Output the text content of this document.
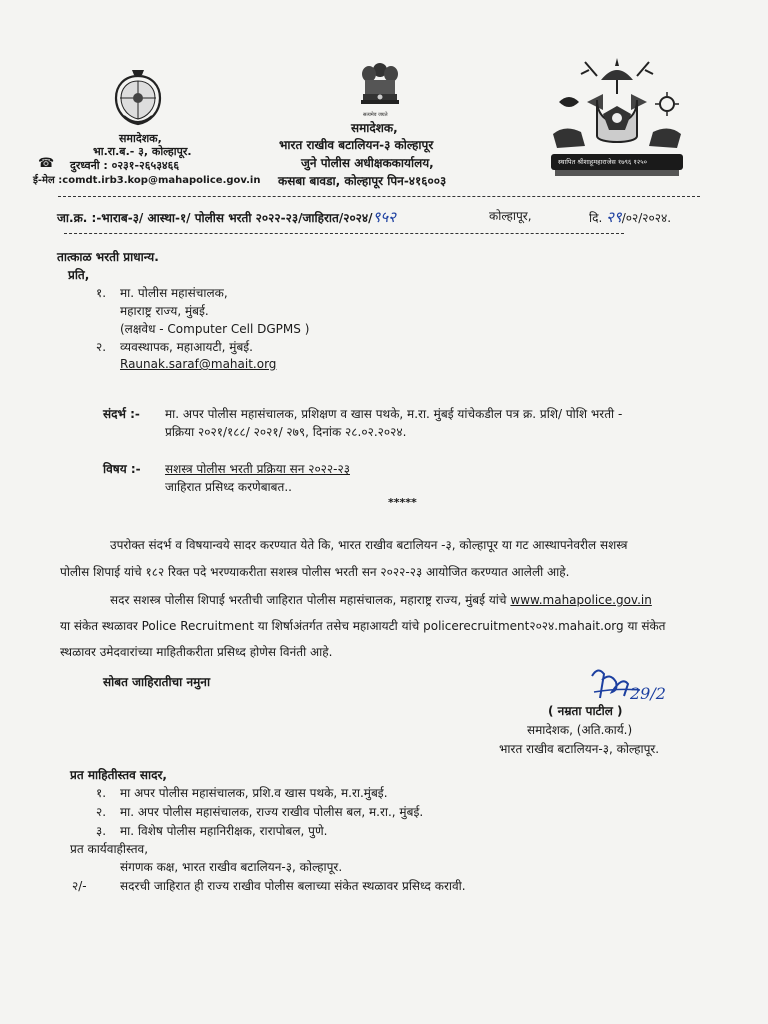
समादेशक,
भा.रा.ब.- ३, कोल्हापूर.
☎ दुरध्वनी : ०२३१-२६५३४६६
ई-मेल :comdt.irb3.kop@mahapolice.gov.in
सत्यमेव जयते
समादेशक,
भारत राखीव बटालियन-३ कोल्हापूर
जुने पोलीस अधीक्षककार्यालय,
कसबा बावडा, कोल्हापूर पिन-४१६००३
स्थापित श्रीशाहूमहाराजेस १७९६ १२५०
जा.क्र. :-भाराब-३/ आस्था-१/ पोलीस भरती २०२२-२३/जाहिरात/२०२४/९५२	कोल्हापूर,	दि. २९/०२/२०२४.
तात्काळ भरती प्राधान्य.
प्रति,
१. मा. पोलीस महासंचालक,
महाराष्ट्र राज्य, मुंबई.
(लक्षवेध - Computer Cell DGPMS )
२. व्यवस्थापक, महाआयटी, मुंबई.
Raunak.saraf@mahait.org
संदर्भ :- मा. अपर पोलीस महासंचालक, प्रशिक्षण व खास पथके, म.रा. मुंबई यांचेकडील पत्र क्र. प्रशि/ पोशि भरती -
प्रक्रिया २०२१/१८८/ २०२१/ २७९, दिनांक २८.०२.२०२४.
विषय :- सशस्त्र पोलीस भरती प्रक्रिया सन २०२२-२३
जाहिरात प्रसिध्द करणेबाबत..
*****
उपरोक्त संदर्भ व विषयान्वये सादर करण्यात येते कि, भारत राखीव बटालियन -३, कोल्हापूर या गट आस्थापनेवरील सशस्त्र
पोलीस शिपाई यांचे १८२ रिक्त पदे भरण्याकरीता सशस्त्र पोलीस भरती सन २०२२-२३ आयोजित करण्यात आलेली आहे.
सदर सशस्त्र पोलीस शिपाई भरतीची जाहिरात पोलीस महासंचालक, महाराष्ट्र राज्य, मुंबई यांचे www.mahapolice.gov.in
या संकेत स्थळावर Police Recruitment या शिर्षाअंतर्गत तसेच महाआयटी यांचे policerecruitment२०२४.mahait.org या संकेत
स्थळावर उमेदवारांच्या माहितीकरीता प्रसिध्द होणेस विनंती आहे.
सोबत जाहिरातीचा नमुना
29/2
( नम्रता पाटील )
समादेशक, (अति.कार्य.)
भारत राखीव बटालियन-३, कोल्हापूर.
प्रत माहितीस्तव सादर,
१. मा अपर पोलीस महासंचालक, प्रशि.व खास पथके, म.रा.मुंबई.
२. मा. अपर पोलीस महासंचालक, राज्य राखीव पोलीस बल, म.रा., मुंबई.
३. मा. विशेष पोलीस महानिरीक्षक, रारापोबल, पुणे.
प्रत कार्यवाहीस्तव,
संगणक कक्ष, भारत राखीव बटालियन-३, कोल्हापूर.
२/-	सदरची जाहिरात ही राज्य राखीव पोलीस बलाच्या संकेत स्थळावर प्रसिध्द करावी.
